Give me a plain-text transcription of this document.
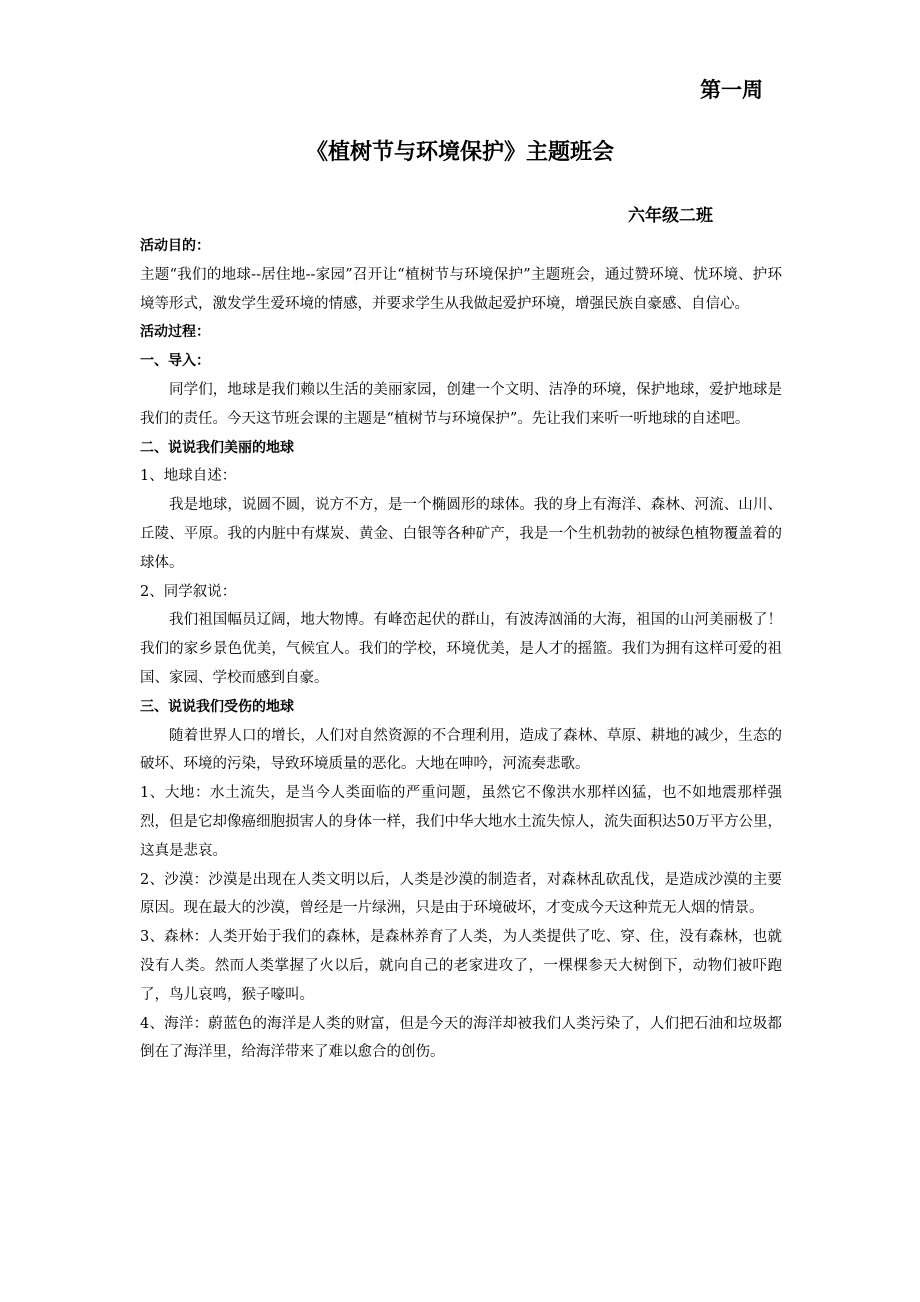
第一周
《植树节与环境保护》主题班会
六年级二班

活动目的：

主题“我们的地球--居住地--家园”召开让“植树节与环境保护”主题班会，通过赞环境、忧环境、护环境等形式，激发学生爱环境的情感，并要求学生从我做起爱护环境，增强民族自豪感、自信心。

活动过程：

一、导入：

同学们，地球是我们赖以生活的美丽家园，创建一个文明、洁净的环境，保护地球，爱护地球是我们的责任。今天这节班会课的主题是“植树节与环境保护”。先让我们来听一听地球的自述吧。

二、说说我们美丽的地球

1、地球自述：

我是地球，说圆不圆，说方不方，是一个椭圆形的球体。我的身上有海洋、森林、河流、山川、丘陵、平原。我的内脏中有煤炭、黄金、白银等各种矿产，我是一个生机勃勃的被绿色植物覆盖着的球体。

2、同学叙说：

我们祖国幅员辽阔，地大物博。有峰峦起伏的群山，有波涛汹涌的大海，祖国的山河美丽极了！我们的家乡景色优美，气候宜人。我们的学校，环境优美，是人才的摇篮。我们为拥有这样可爱的祖国、家园、学校而感到自豪。

三、说说我们受伤的地球

随着世界人口的增长，人们对自然资源的不合理利用，造成了森林、草原、耕地的减少，生态的破坏、环境的污染，导致环境质量的恶化。大地在呻吟，河流奏悲歌。

1、大地：水土流失，是当今人类面临的严重问题，虽然它不像洪水那样凶猛，也不如地震那样强烈，但是它却像癌细胞损害人的身体一样，我们中华大地水土流失惊人，流失面积达50万平方公里，这真是悲哀。

2、沙漠：沙漠是出现在人类文明以后，人类是沙漠的制造者，对森林乱砍乱伐，是造成沙漠的主要原因。现在最大的沙漠，曾经是一片绿洲，只是由于环境破坏，才变成今天这种荒无人烟的情景。

3、森林：人类开始于我们的森林，是森林养育了人类，为人类提供了吃、穿、住，没有森林，也就没有人类。然而人类掌握了火以后，就向自己的老家进攻了，一棵棵参天大树倒下，动物们被吓跑了，鸟儿哀鸣，猴子嚎叫。

4、海洋：蔚蓝色的海洋是人类的财富，但是今天的海洋却被我们人类污染了，人们把石油和垃圾都倒在了海洋里，给海洋带来了难以愈合的创伤。
